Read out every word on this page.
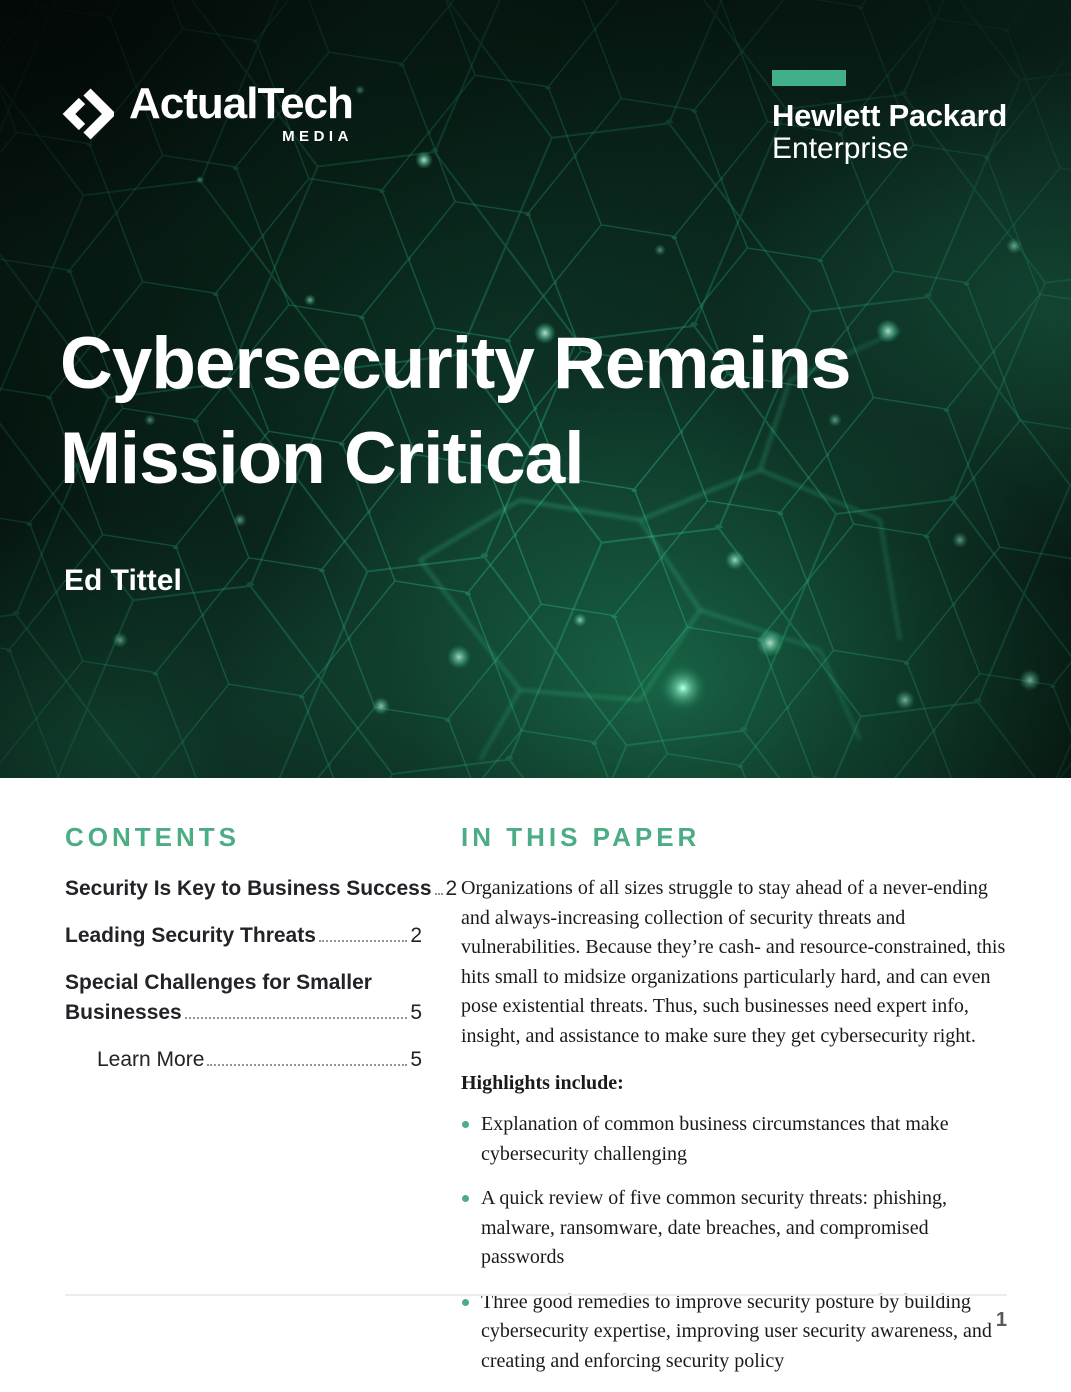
ActualTech
MEDIA
Hewlett Packard
Enterprise
Cybersecurity Remains
Mission Critical
Ed Tittel
CONTENTS
Security Is Key to Business Success 2
Leading Security Threats	2
Special Challenges for Smaller
Businesses	5
Learn More	5
IN THIS PAPER

Organizations of all sizes struggle to stay ahead of a never-ending and always-increasing collection of security threats and vulnerabilities. Because they’re cash- and resource-constrained, this hits small to midsize organizations particularly hard, and can even pose existential threats. Thus, such businesses need expert info, insight, and assistance to make sure they get cybersecurity right.

Highlights include:

Explanation of common business circumstances that make cybersecurity challenging
A quick review of five common security threats: phishing, malware, ransomware, date breaches, and compromised passwords
Three good remedies to improve security posture by building cybersecurity expertise, improving user security awareness, and creating and enforcing security policy
1
